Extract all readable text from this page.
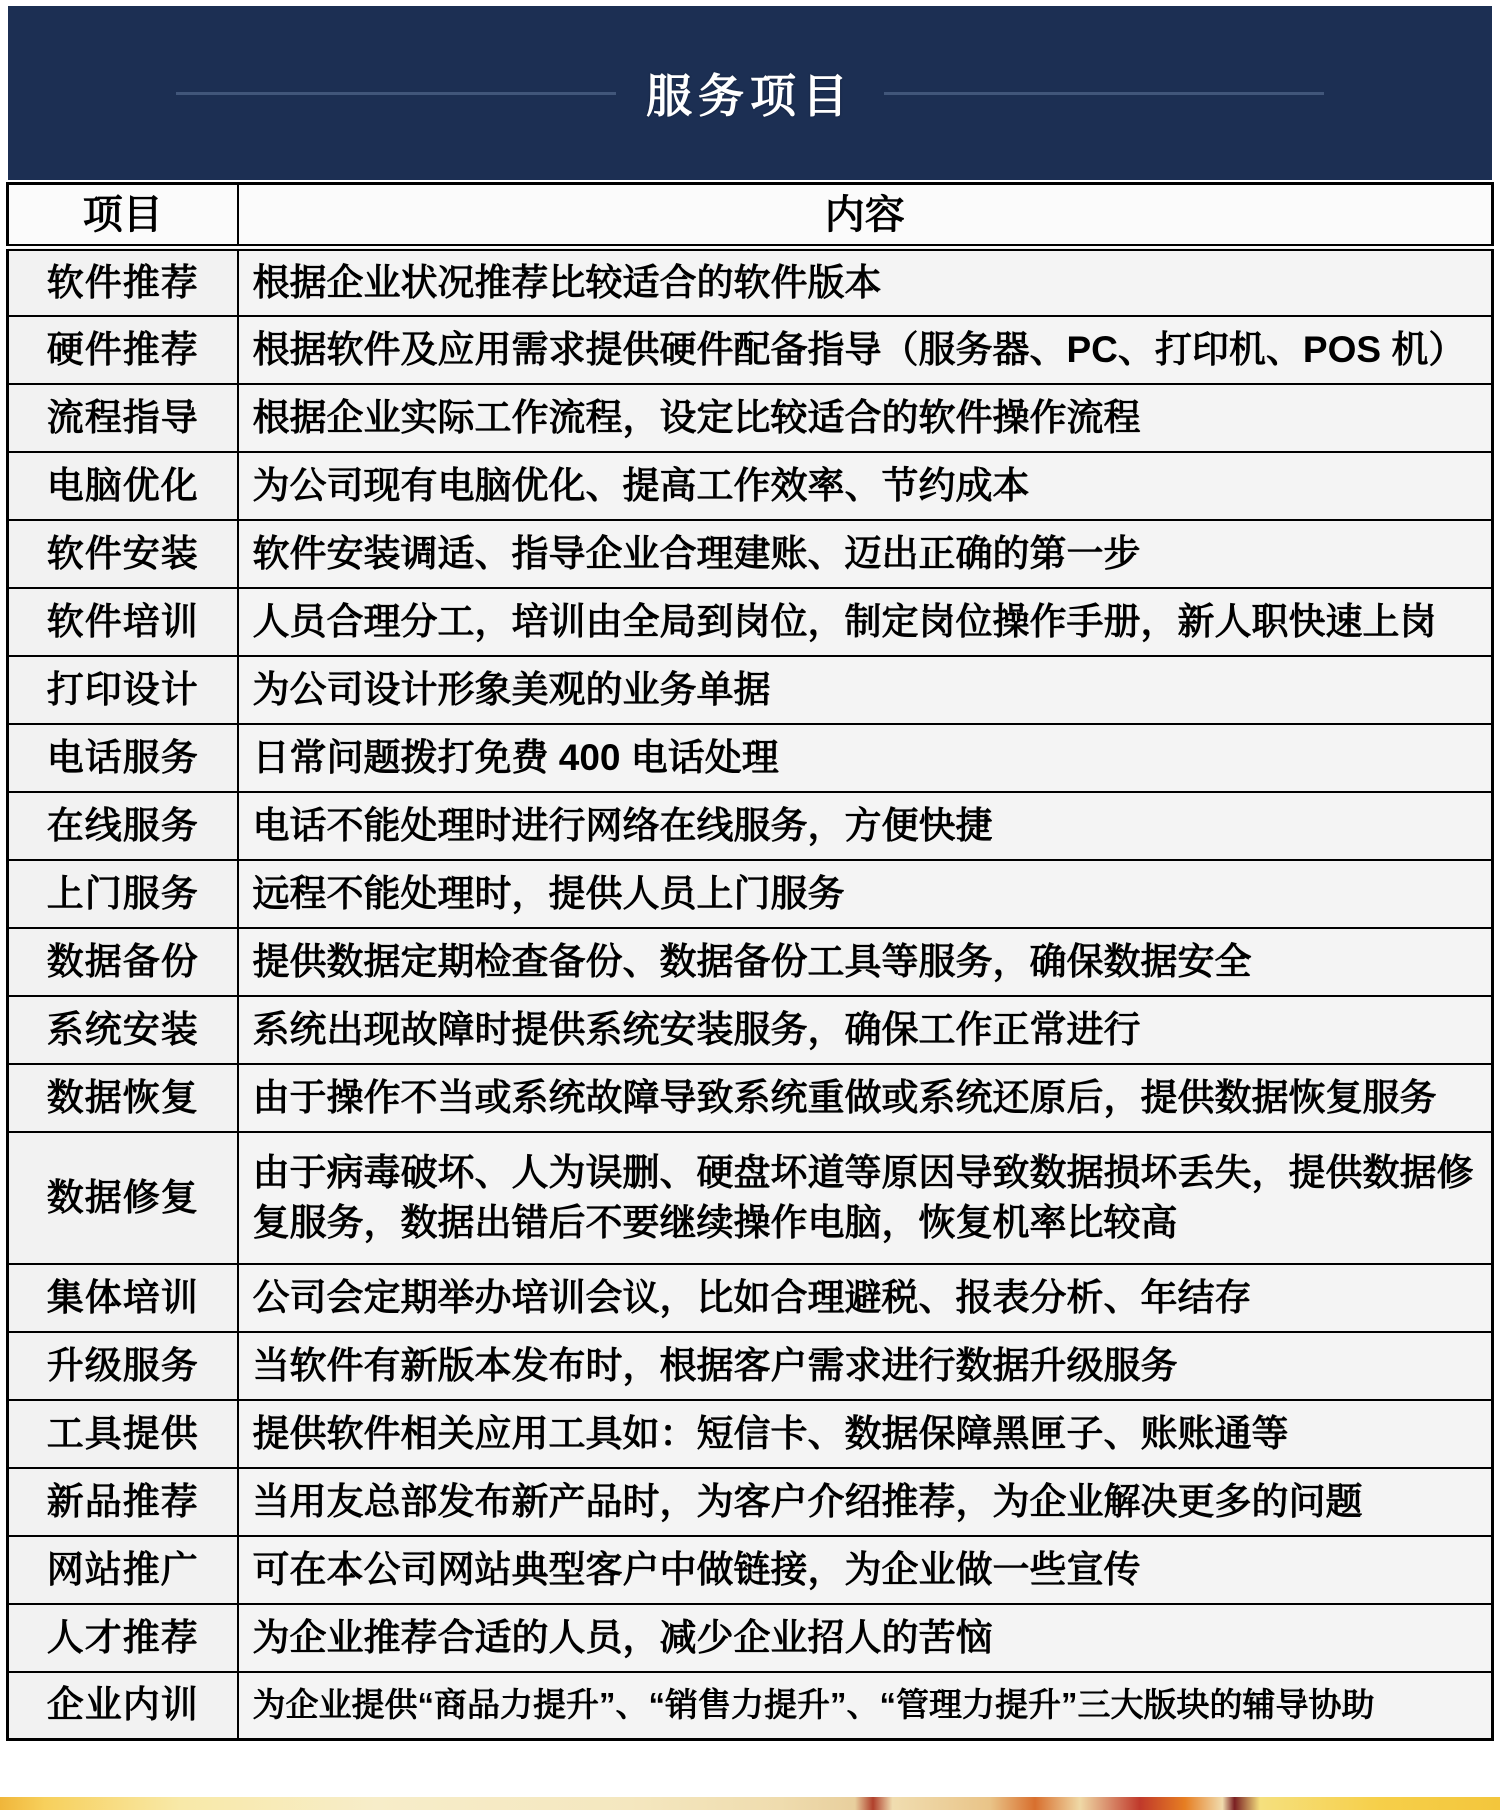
服务项目
项目	内容
软件推荐	根据企业状况推荐比较适合的软件版本
硬件推荐	根据软件及应用需求提供硬件配备指导（服务器、PC、打印机、POS 机）
流程指导	根据企业实际工作流程，设定比较适合的软件操作流程
电脑优化	为公司现有电脑优化、提高工作效率、节约成本
软件安装	软件安装调适、指导企业合理建账、迈出正确的第一步
软件培训	人员合理分工，培训由全局到岗位，制定岗位操作手册，新人职快速上岗
打印设计	为公司设计形象美观的业务单据
电话服务	日常问题拨打免费 400 电话处理
在线服务	电话不能处理时进行网络在线服务，方便快捷
上门服务	远程不能处理时，提供人员上门服务
数据备份	提供数据定期检查备份、数据备份工具等服务，确保数据安全
系统安装	系统出现故障时提供系统安装服务，确保工作正常进行
数据恢复	由于操作不当或系统故障导致系统重做或系统还原后，提供数据恢复服务
数据修复	由于病毒破坏、人为误删、硬盘坏道等原因导致数据损坏丢失，提供数据修复服务，数据出错后不要继续操作电脑，恢复机率比较高
集体培训	公司会定期举办培训会议，比如合理避税、报表分析、年结存
升级服务	当软件有新版本发布时，根据客户需求进行数据升级服务
工具提供	提供软件相关应用工具如：短信卡、数据保障黑匣子、账账通等
新品推荐	当用友总部发布新产品时，为客户介绍推荐，为企业解决更多的问题
网站推广	可在本公司网站典型客户中做链接，为企业做一些宣传
人才推荐	为企业推荐合适的人员，减少企业招人的苦恼
企业内训	为企业提供“商品力提升”、“销售力提升”、“管理力提升”三大版块的辅导协助
